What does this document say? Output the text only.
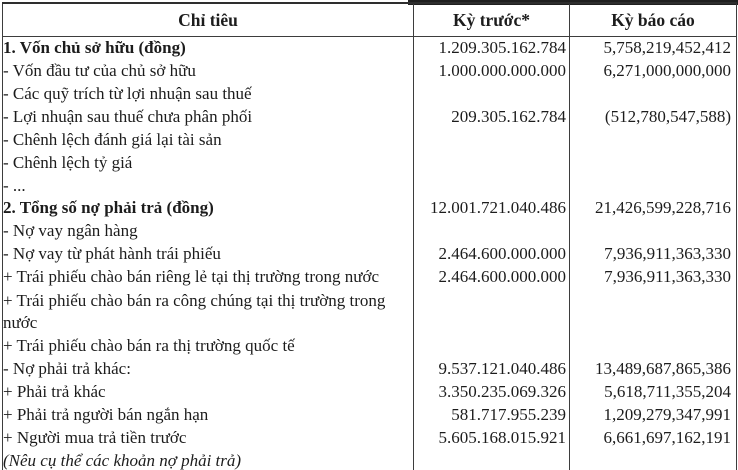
Chỉ tiêu	Kỳ trước*	Kỳ báo cáo
1. Vốn chủ sở hữu (đồng)	1.209.305.162.784	5,758,219,452,412
- Vốn đầu tư của chủ sở hữu	1.000.000.000.000	6,271,000,000,000
- Các quỹ trích từ lợi nhuận sau thuế		
- Lợi nhuận sau thuế chưa phân phối	209.305.162.784	(512,780,547,588)
- Chênh lệch đánh giá lại tài sản		
- Chênh lệch tỷ giá		
- ...		
2. Tổng số nợ phải trả (đồng)	12.001.721.040.486	21,426,599,228,716
- Nợ vay ngân hàng		
- Nợ vay từ phát hành trái phiếu	2.464.600.000.000	7,936,911,363,330
+ Trái phiếu chào bán riêng lẻ tại thị trường trong nước	2.464.600.000.000	7,936,911,363,330
+ Trái phiếu chào bán ra công chúng tại thị trường trong nước		
+ Trái phiếu chào bán ra thị trường quốc tế		
- Nợ phải trả khác:	9.537.121.040.486	13,489,687,865,386
+ Phải trả khác	3.350.235.069.326	5,618,711,355,204
+ Phải trả người bán ngắn hạn	581.717.955.239	1,209,279,347,991
+ Người mua trả tiền trước	5.605.168.015.921	6,661,697,162,191
(Nêu cụ thể các khoản nợ phải trả)		
